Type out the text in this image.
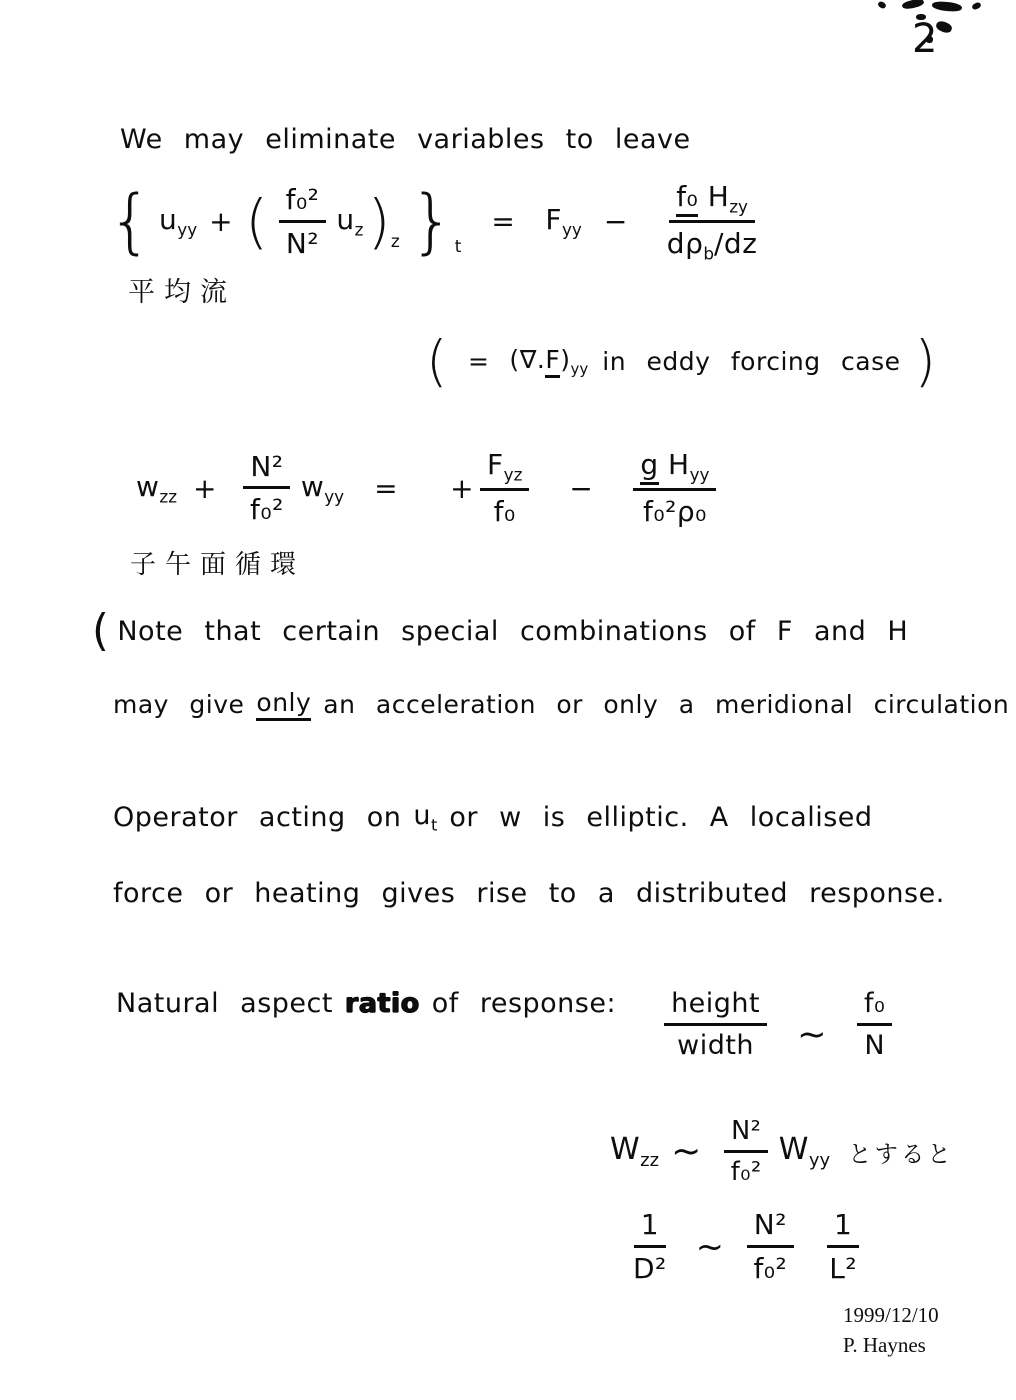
2
We may eliminate variables to leave
{ $u_{yy}$ + ( $\frac{\text{f₀²}}{\text{N²}} u_z$ )$_z$ }$_t$
= $F_{yy} - \frac{f_0 H_{zy}}{d\rho_b/dz}$
平均流
( = $(\nabla.F)_{yy}$ in eddy forcing case )
$w_{zz} + \frac{\text{N²}}{\text{f₀²}} w_{yy}$ = + $\frac{F_{yz}}{\text{f₀}} - \frac{g H_{yy}}{\text{f₀²ρ₀}}$
子午面循環
( Note that certain special combinations of F and H
may give only an acceleration or only a meridional circulation
Operator acting on $u_t$ or w is elliptic. A localised
force or heating gives rise to a distributed response.
Natural aspect ratio of response: $\frac{\text{height}}{\text{width}}$ ~ $\frac{\text{f₀}}{N}$
$W_{zz}$ ~ $\frac{\text{N²}}{\text{f₀²}} W_{yy}$ とすると
$\frac{1}{\text{D²}}$ ~ $\frac{\text{N²}}{\text{f₀²}} \frac{1}{\text{L²}}$
1999/12/10
P. Haynes
